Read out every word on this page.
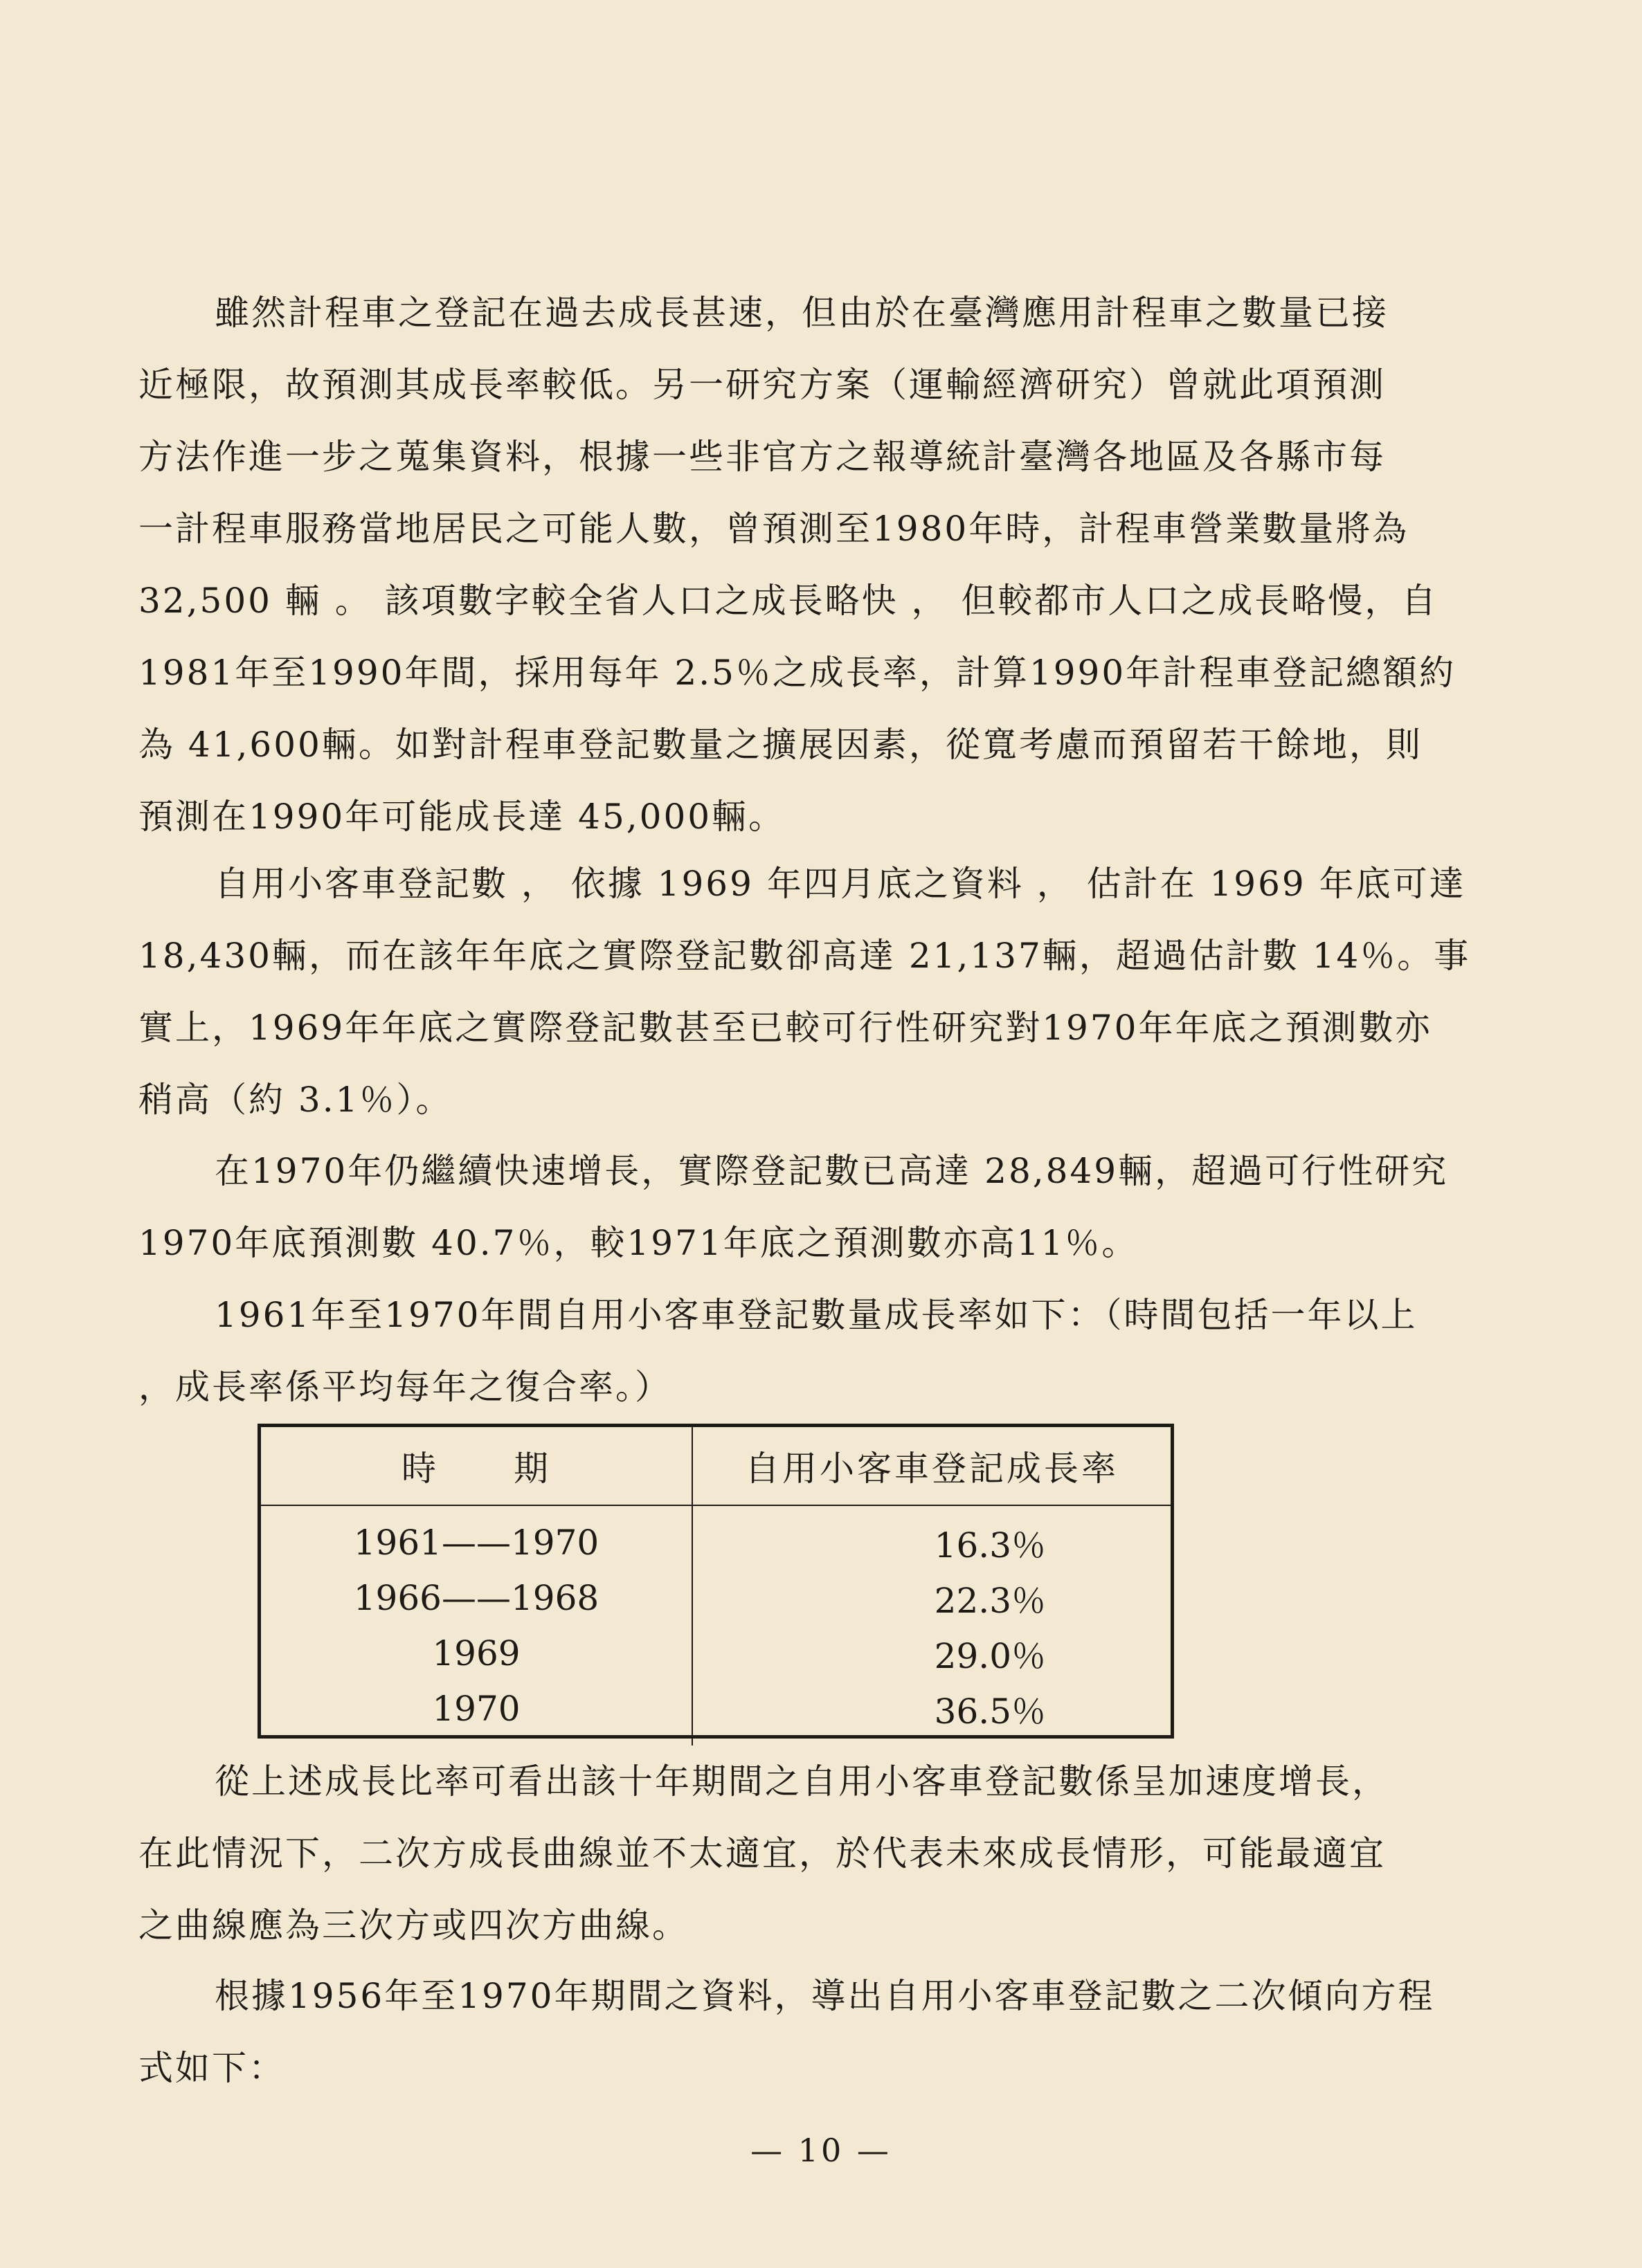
雖然計程車之登記在過去成長甚速，但由於在臺灣應用計程車之數量已接
近極限，故預測其成長率較低。另一研究方案（運輸經濟研究）曾就此項預測
方法作進一步之蒐集資料，根據一些非官方之報導統計臺灣各地區及各縣市每
一計程車服務當地居民之可能人數，曾預測至1980年時，計程車營業數量將為
32,500 輛 。 該項數字較全省人口之成長略快 ， 但較都市人口之成長略慢，自
1981年至1990年間，採用每年 2.5％之成長率，計算1990年計程車登記總額約
為 41,600輛。如對計程車登記數量之擴展因素，從寬考慮而預留若干餘地，則
預測在1990年可能成長達 45,000輛。

自用小客車登記數 ， 依據 1969 年四月底之資料 ， 估計在 1969 年底可達
18,430輛，而在該年年底之實際登記數卻高達 21,137輛，超過估計數 14％。事
實上，1969年年底之實際登記數甚至已較可行性研究對1970年年底之預測數亦
稍高（約 3.1％）。

在1970年仍繼續快速增長，實際登記數已高達 28,849輛，超過可行性研究
1970年底預測數 40.7％，較1971年底之預測數亦高11％。

1961年至1970年間自用小客車登記數量成長率如下：（時間包括一年以上
，成長率係平均每年之復合率。）

時　　期	自用小客車登記成長率
1961——1970	16.3％
1966——1968	22.3％
1969	29.0％
1970	36.5％

從上述成長比率可看出該十年期間之自用小客車登記數係呈加速度增長，
在此情況下，二次方成長曲線並不太適宜，於代表未來成長情形，可能最適宜
之曲線應為三次方或四次方曲線。

根據1956年至1970年期間之資料，導出自用小客車登記數之二次傾向方程
式如下：

— 10 —
